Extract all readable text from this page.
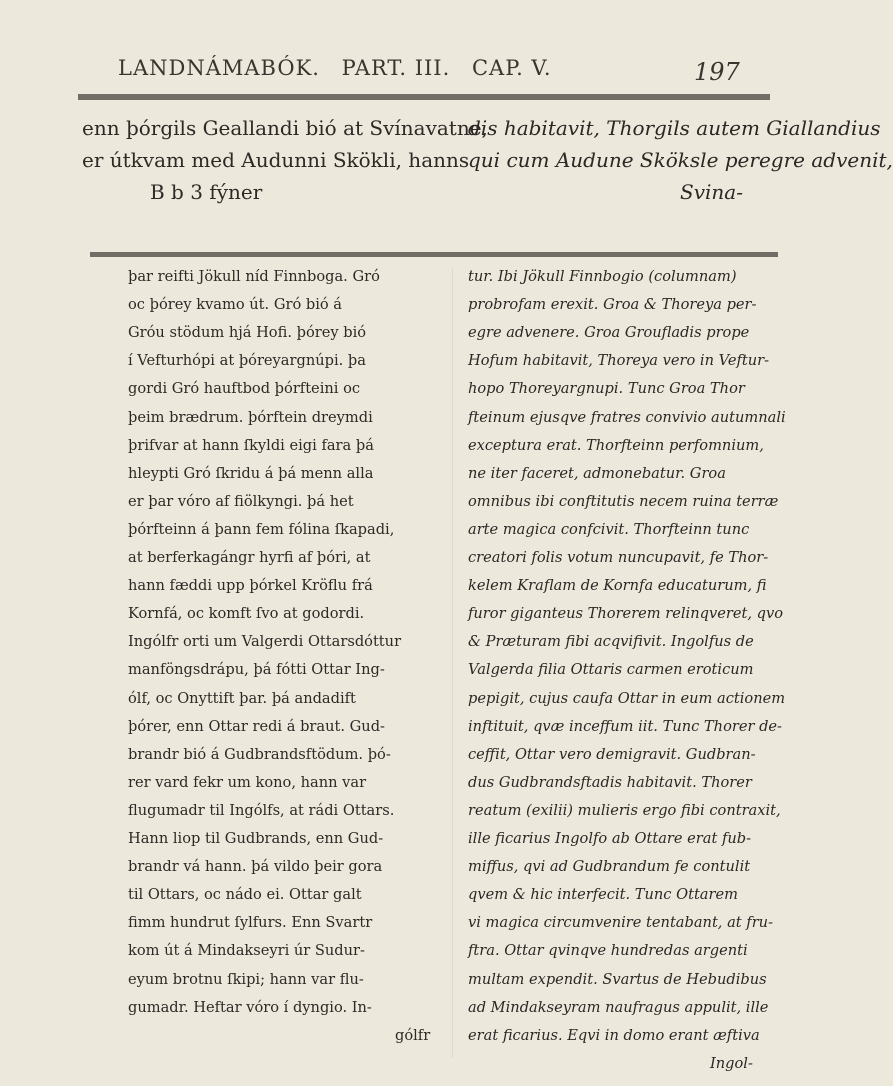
LANDNÁMABÓK. PART. III. CAP. V.	197
enn þórgils Geallandi bió at Svínavatne,
er útkvam med Audunni Skökli, hanns
B b 3 fýner
dis habitavit, Thorgils autem Giallandius
qui cum Audune Sköksle peregre advenit,
Svina-
þar reifti Jökull níd Finnboga. Gró
oc þórey kvamo út. Gró bió á
Gróu stödum hjá Hofi. þórey bió
í Vefturhópi at þóreyargnúpi. þa
gordi Gró hauftbod þórfteini oc
þeim brædrum. þórftein dreymdi
þrifvar at hann ſkyldi eigi fara þá
hleypti Gró ſkridu á þá menn alla
er þar vóro af fiölkyngi. þá het
þórfteinn á þann fem fólina ſkapadi,
at berferkagángr hyrfi af þóri, at
hann fæddi upp þórkel Kröflu frá
Kornfá, oc komft ſvo at godordi.
Ingólfr orti um Valgerdi Ottarsdóttur
manföngsdrápu, þá fótti Ottar Ing-
ólf, oc Onyttift þar. þá andadift
þórer, enn Ottar redi á braut. Gud-
brandr bió á Gudbrandsftödum. þó-
rer vard fekr um kono, hann var
flugumadr til Ingólfs, at rádi Ottars.
Hann liop til Gudbrands, enn Gud-
brandr vá hann. þá vildo þeir gora
til Ottars, oc nádo ei. Ottar galt
fimm hundrut ſylfurs. Enn Svartr
kom út á Mindakseyri úr Sudur-
eyum brotnu ſkipi; hann var flu-
gumadr. Heftar vóro í dyngio. In-
gólfr
tur. Ibi Jökull Finnbogio (columnam)
probrofam erexit. Groa & Thoreya per-
egre advenere. Groa Groufladis prope
Hofum habitavit, Thoreya vero in Veftur-
hopo Thoreyargnupi. Tunc Groa Thor
fteinum ejusqve fratres convivio autumnali
exceptura erat. Thorfteinn perfomnium,
ne iter faceret, admonebatur. Groa
omnibus ibi conftitutis necem ruina terræ
arte magica confcivit. Thorfteinn tunc
creatori folis votum nuncupavit, fe Thor-
kelem Kraflam de Kornfa educaturum, fi
furor giganteus Thorerem relinqveret, qvo
& Præturam fibi acqvifivit. Ingolfus de
Valgerda filia Ottaris carmen eroticum
pepigit, cujus caufa Ottar in eum actionem
inftituit, qvæ inceffum iit. Tunc Thorer de-
ceffit, Ottar vero demigravit. Gudbran-
dus Gudbrandsftadis habitavit. Thorer
reatum (exilii) mulieris ergo fibi contraxit,
ille ficarius Ingolfo ab Ottare erat fub-
miffus, qvi ad Gudbrandum fe contulit
qvem & hic interfecit. Tunc Ottarem
vi magica circumvenire tentabant, at fru-
ftra. Ottar qvinqve hundredas argenti
multam expendit. Svartus de Hebudibus
ad Mindakseyram naufragus appulit, ille
erat ficarius. Eqvi in domo erant æftiva
Ingol-
